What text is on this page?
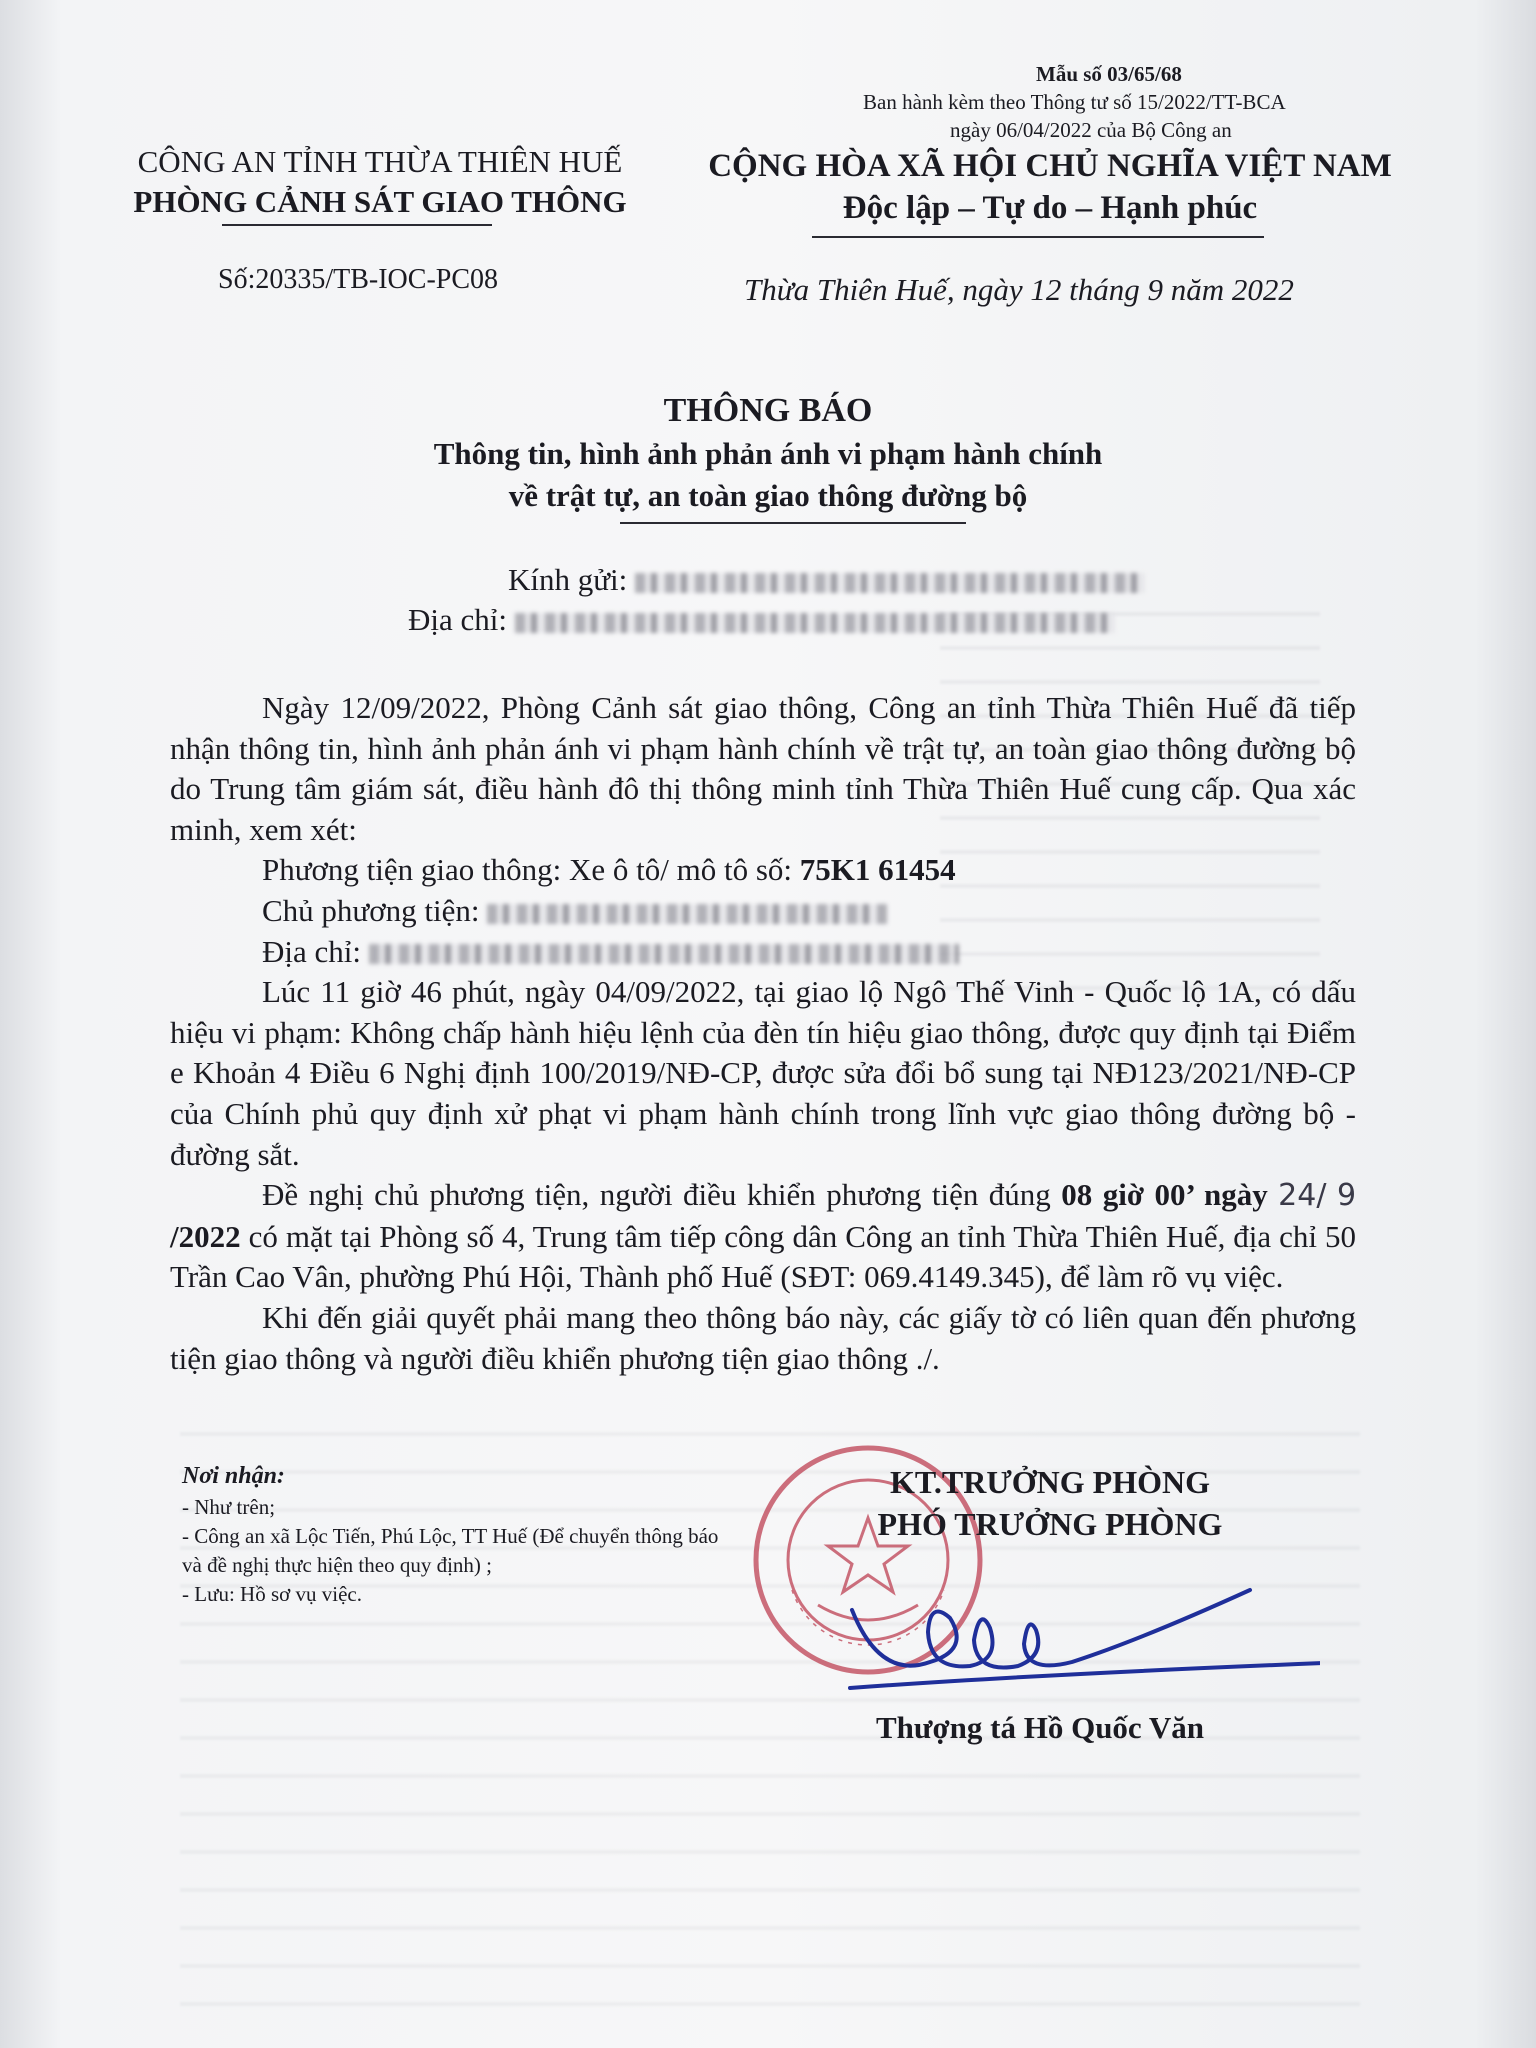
Mẫu số 03/65/68
Ban hành kèm theo Thông tư số 15/2022/TT-BCA
ngày 06/04/2022 của Bộ Công an
CÔNG AN TỈNH THỪA THIÊN HUẾ
PHÒNG CẢNH SÁT GIAO THÔNG
Số:20335/TB-IOC-PC08
CỘNG HÒA XÃ HỘI CHỦ NGHĨA VIỆT NAM
Độc lập – Tự do – Hạnh phúc
Thừa Thiên Huế, ngày 12 tháng 9 năm 2022
THÔNG BÁO
Thông tin, hình ảnh phản ánh vi phạm hành chính
về trật tự, an toàn giao thông đường bộ
Kính gửi:
Địa chỉ:

Ngày 12/09/2022, Phòng Cảnh sát giao thông, Công an tỉnh Thừa Thiên Huế đã tiếp nhận thông tin, hình ảnh phản ánh vi phạm hành chính về trật tự, an toàn giao thông đường bộ do Trung tâm giám sát, điều hành đô thị thông minh tỉnh Thừa Thiên Huế cung cấp. Qua xác minh, xem xét:

Phương tiện giao thông: Xe ô tô/ mô tô số: 75K1 61454

Chủ phương tiện:

Địa chỉ:

Lúc 11 giờ 46 phút, ngày 04/09/2022, tại giao lộ Ngô Thế Vinh - Quốc lộ 1A, có dấu hiệu vi phạm: Không chấp hành hiệu lệnh của đèn tín hiệu giao thông, được quy định tại Điểm e Khoản 4 Điều 6 Nghị định 100/2019/NĐ-CP, được sửa đổi bổ sung tại NĐ123/2021/NĐ-CP của Chính phủ quy định xử phạt vi phạm hành chính trong lĩnh vực giao thông đường bộ - đường sắt.

Đề nghị chủ phương tiện, người điều khiển phương tiện đúng 08 giờ 00’ ngày 24/ 9 /2022 có mặt tại Phòng số 4, Trung tâm tiếp công dân Công an tỉnh Thừa Thiên Huế, địa chỉ 50 Trần Cao Vân, phường Phú Hội, Thành phố Huế (SĐT: 069.4149.345), để làm rõ vụ việc.

Khi đến giải quyết phải mang theo thông báo này, các giấy tờ có liên quan đến phương tiện giao thông và người điều khiển phương tiện giao thông ./.

Nơi nhận:
- Như trên;
- Công an xã Lộc Tiến, Phú Lộc, TT Huế (Để chuyển thông báo và đề nghị thực hiện theo quy định) ;
- Lưu: Hồ sơ vụ việc.
KT.TRƯỞNG PHÒNG
PHÓ TRƯỞNG PHÒNG
Thượng tá Hồ Quốc Văn
